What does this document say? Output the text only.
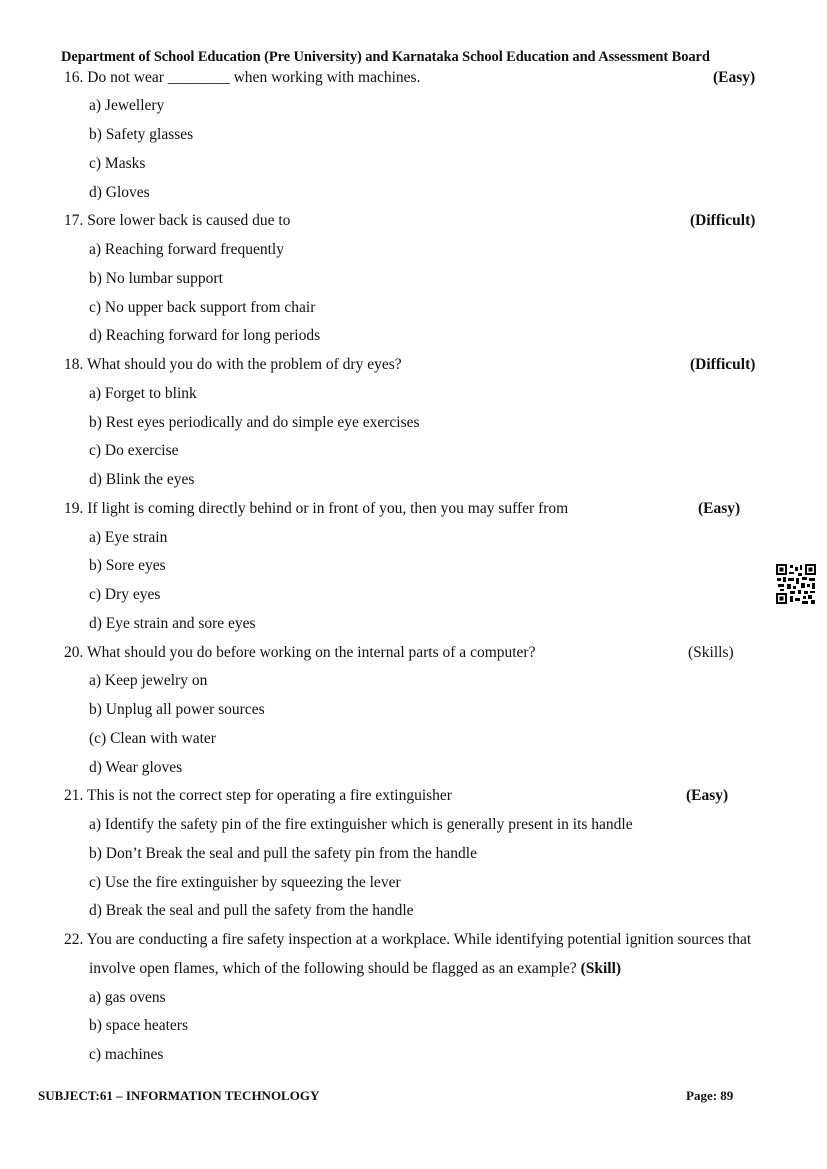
Department of School Education (Pre University) and Karnataka School Education and Assessment Board
16. Do not wear ________ when working with machines.	(Easy)
a) Jewellery
b) Safety glasses
c) Masks
d) Gloves
17. Sore lower back is caused due to	(Difficult)
a) Reaching forward frequently
b) No lumbar support
c) No upper back support from chair
d) Reaching forward for long periods
18. What should you do with the problem of dry eyes?	(Difficult)
a) Forget to blink
b) Rest eyes periodically and do simple eye exercises
c) Do exercise
d) Blink the eyes
19. If light is coming directly behind or in front of you, then you may suffer from	(Easy)
a) Eye strain
b) Sore eyes
c) Dry eyes
d) Eye strain and sore eyes
20. What should you do before working on the internal parts of a computer?	(Skills)
a) Keep jewelry on
b) Unplug all power sources
(c) Clean with water
d) Wear gloves
21. This is not the correct step for operating a fire extinguisher	(Easy)
a) Identify the safety pin of the fire extinguisher which is generally present in its handle
b) Don’t Break the seal and pull the safety pin from the handle
c) Use the fire extinguisher by squeezing the lever
d) Break the seal and pull the safety from the handle
22. You are conducting a fire safety inspection at a workplace. While identifying potential ignition sources that
involve open flames, which of the following should be flagged as an example? (Skill)
a) gas ovens
b) space heaters
c) machines
SUBJECT:61 – INFORMATION TECHNOLOGY	Page: 89
